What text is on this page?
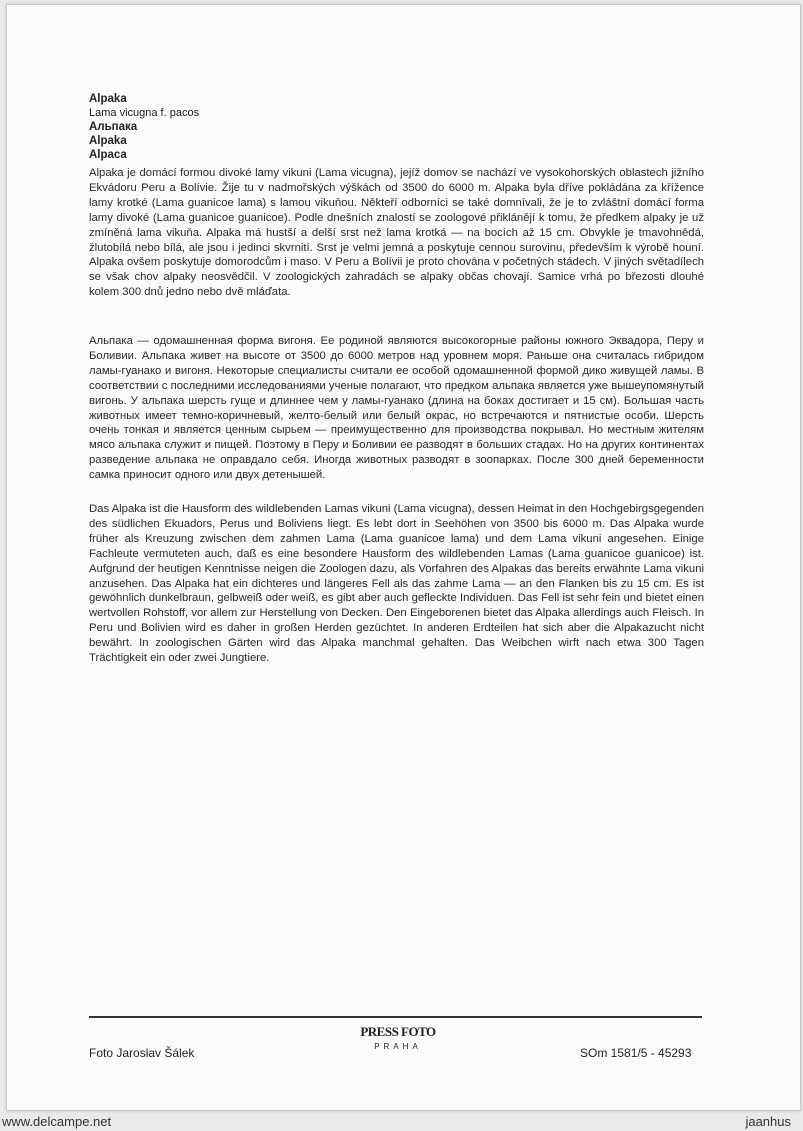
Alpaka
Lama vicugna f. pacos
Альпака
Alpaka
Alpaca

Alpaka je domácí formou divoké lamy vikuni (Lama vicugna), jejíž domov se nachází ve vysokohorských oblastech jižního Ekvádoru Peru a Bolívie. Žije tu v nadmořských výškách od 3500 do 6000 m. Alpaka byla dříve pokládána za křížence lamy krotké (Lama guanicoe lama) s lamou vikuňou. Někteří odborníci se také domnívali, že je to zvláštní domácí forma lamy divoké (Lama guanicoe guanicoe). Podle dnešních znalostí se zoologové přiklánějí k tomu, že předkem alpaky je už zmíněná lama vikuňa. Alpaka má hustší a delší srst než lama krotká — na bocích až 15 cm. Obvykle je tmavohnědá, žlutobílá nebo bílá, ale jsou i jedinci skvrnití. Srst je velmi jemná a poskytuje cennou surovinu, především k výrobě houní. Alpaka ovšem poskytuje domorodcům i maso. V Peru a Bolívii je proto chována v početných stádech. V jiných světadílech se však chov alpaky neosvědčil. V zoologických zahradách se alpaky občas chovají. Samice vrhá po březosti dlouhé kolem 300 dnů jedno nebo dvě mláďata.

Альпака — одомашненная форма вигоня. Ее родиной являются высокогорные районы южного Эквадора, Перу и Боливии. Альпака живет на высоте от 3500 до 6000 метров над уровнем моря. Раньше она считалась гибридом ламы-гуанако и вигоня. Некоторые специалисты считали ее особой одомашненной формой дико живущей ламы. В соответствии с последними исследованиями ученые полагают, что предком альпака является уже вышеупомянутый вигонь. У альпака шерсть гуще и длиннее чем у ламы-гуанако (длина на боках достигает и 15 см). Большая часть животных имеет темно-коричневый, желто-белый или белый окрас, но встречаются и пятнистые особи. Шерсть очень тонкая и является ценным сырьем — преимущественно для производства покрывал. Но местным жителям мясо альпака служит и пищей. Поэтому в Перу и Боливии ее разводят в больших стадах. Но на других континентах разведение альпака не оправдало себя. Иногда животных разводят в зоопарках. После 300 дней беременности самка приносит одного или двух детенышей.

Das Alpaka ist die Hausform des wildlebenden Lamas vikuni (Lama vicugna), dessen Heimat in den Hochgebirgsgegenden des südlichen Ekuadors, Perus und Boliviens liegt. Es lebt dort in Seehöhen von 3500 bis 6000 m. Das Alpaka wurde früher als Kreuzung zwischen dem zahmen Lama (Lama guanicoe lama) und dem Lama vikuni angesehen. Einige Fachleute vermuteten auch, daß es eine besondere Hausform des wildlebenden Lamas (Lama guanicoe guanicoe) ist. Aufgrund der heutigen Kenntnisse neigen die Zoologen dazu, als Vorfahren des Alpakas das bereits erwähnte Lama vikuni anzusehen. Das Alpaka hat ein dichteres und längeres Fell als das zahme Lama — an den Flanken bis zu 15 cm. Es ist gewöhnlich dunkelbraun, gelbweiß oder weiß, es gibt aber auch gefleckte Individuen. Das Fell ist sehr fein und bietet einen wertvollen Rohstoff, vor allem zur Herstellung von Decken. Den Eingeborenen bietet das Alpaka allerdings auch Fleisch. In Peru und Bolivien wird es daher in großen Herden gezüchtet. In anderen Erdteilen hat sich aber die Alpakazucht nicht bewährt. In zoologischen Gärten wird das Alpaka manchmal gehalten. Das Weibchen wirft nach etwa 300 Tagen Trächtigkeit ein oder zwei Jungtiere.

Foto Jaroslav Šálek
PRESS FOTO
PRAHA	SOm 1581/5 - 45293
www.delcampe.net	jaanhus
